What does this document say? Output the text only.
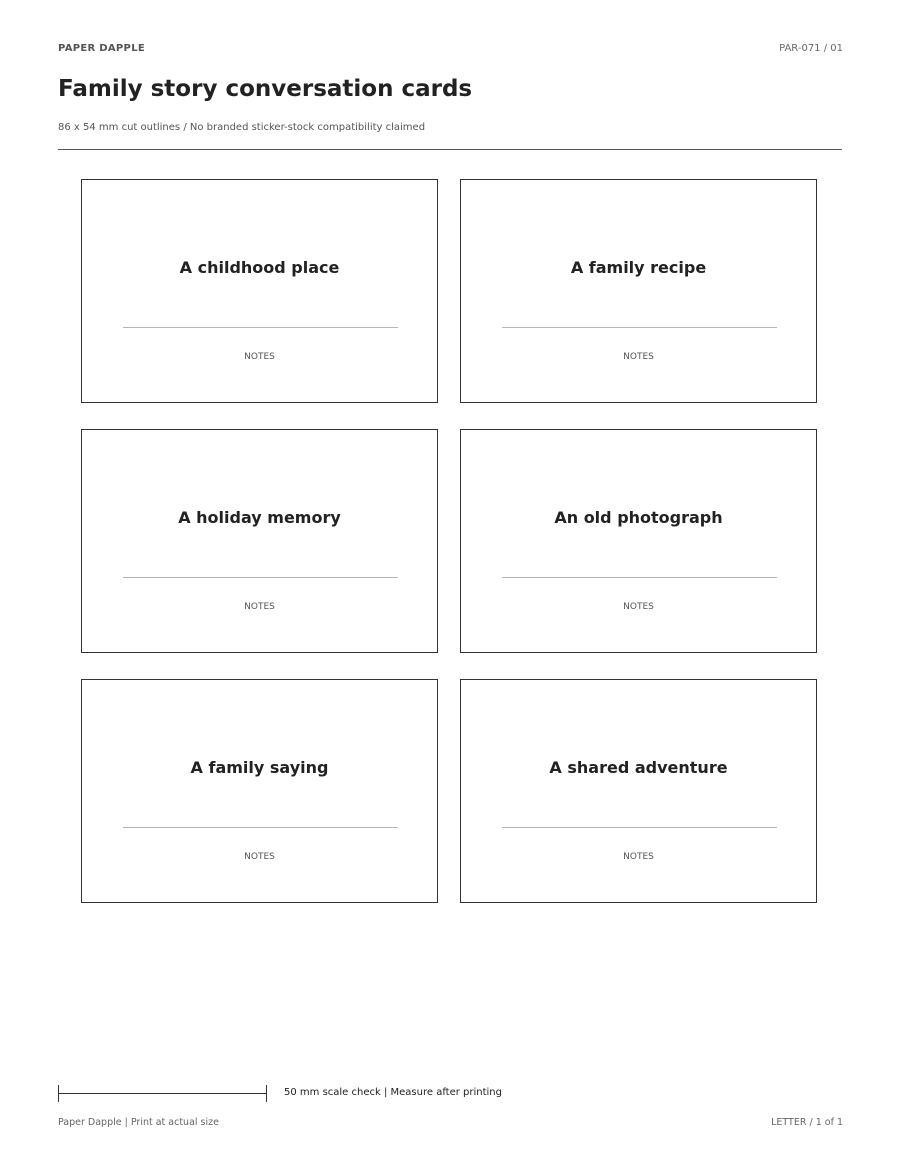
PAPER DAPPLE	PAR-071 / 01
Family story conversation cards
86 x 54 mm cut outlines / No branded sticker-stock compatibility claimed
A childhood place
NOTES
A family recipe
NOTES
A holiday memory
NOTES
An old photograph
NOTES
A family saying
NOTES
A shared adventure
NOTES
50 mm scale check | Measure after printing
Paper Dapple | Print at actual size	LETTER / 1 of 1
